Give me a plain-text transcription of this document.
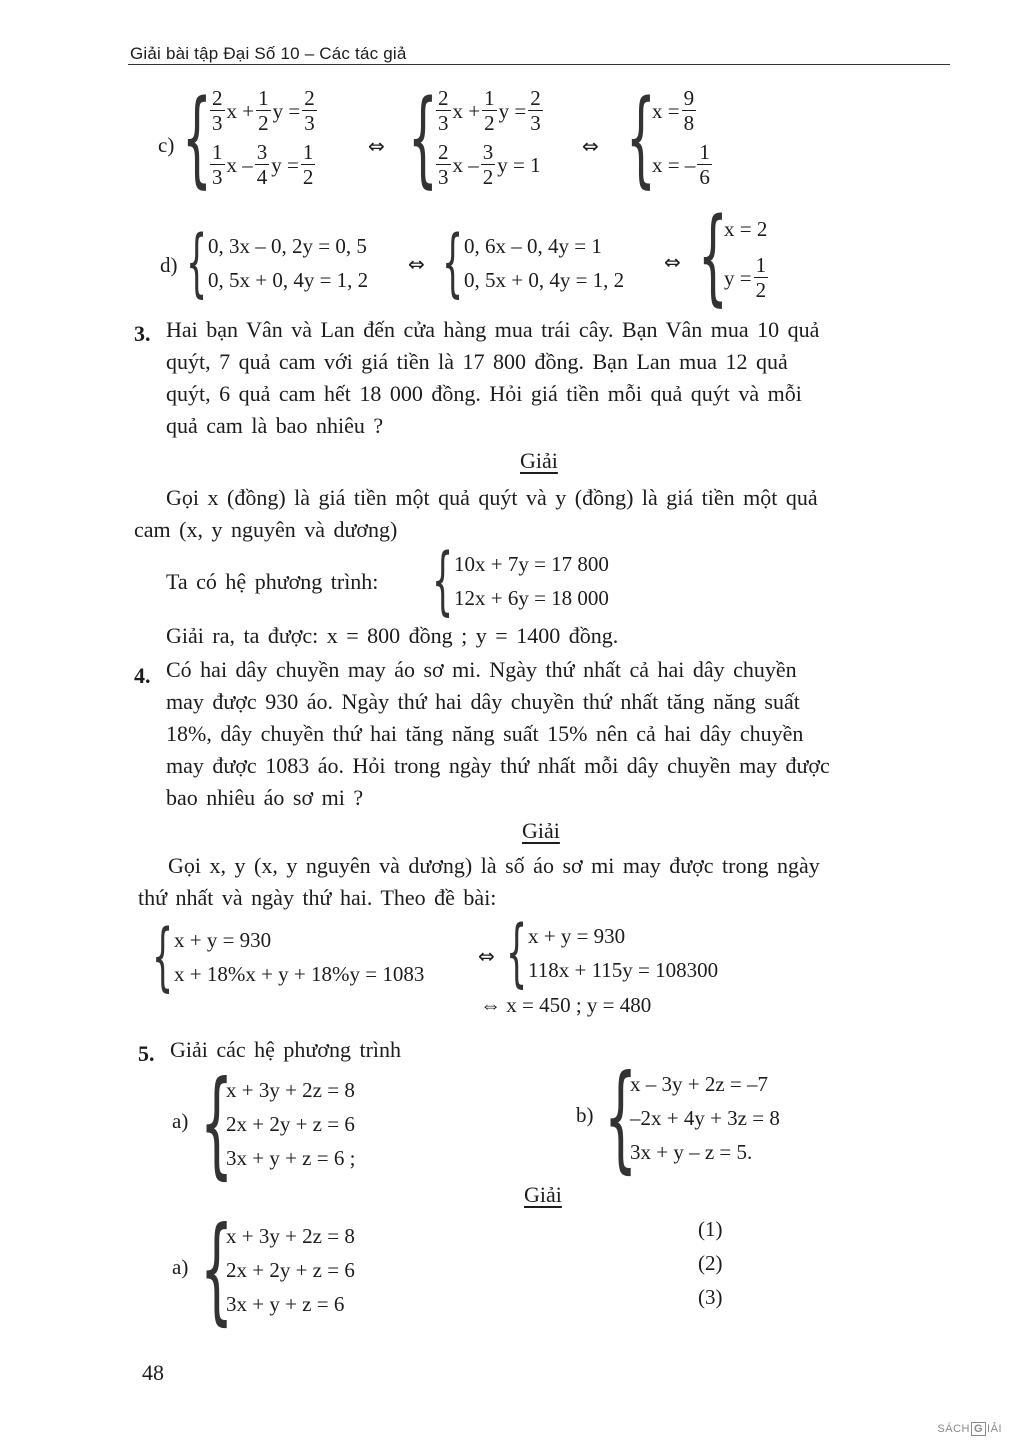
Giải bài tập Đại Số 10 – Các tác giả
c) {
$\frac{2}{3}$ $x + \frac{1}{2}$ $y = \frac{2}{3}$
$\frac{1}{3}$ x – $\frac{3}{4}$ $y = \frac{1}{2}$	⇔ {
$\frac{2}{3}$ $x + \frac{1}{2}$ $y = \frac{2}{3}$
$\frac{2}{3}$ x – $\frac{3}{2}$ y = 1
⇔ {
$x = \frac{9}{8}$
x = – $\frac{1}{6}$
d) { 0, 3x – 0, 2y = 0, 5
0, 5x + 0, 4y = 1, 2
⇔ { 0, 6x – 0, 4y = 1
0, 5x + 0, 4y = 1, 2
⇔ {
x = 2
$y = \frac{1}{2}$
3. Hai bạn Vân và Lan đến cửa hàng mua trái cây. Bạn Vân mua 10 quả
quýt, 7 quả cam với giá tiền là 17 800 đồng. Bạn Lan mua 12 quả
quýt, 6 quả cam hết 18 000 đồng. Hỏi giá tiền mỗi quả quýt và mỗi
quả cam là bao nhiêu ?
Giải
Gọi x (đồng) là giá tiền một quả quýt và y (đồng) là giá tiền một quả
cam (x, y nguyên và dương)
Ta có hệ phương trình: { 10x + 7y = 17 800
12x + 6y = 18 000
Giải ra, ta được: x = 800 đồng ; y = 1400 đồng.
4. Có hai dây chuyền may áo sơ mi. Ngày thứ nhất cả hai dây chuyền
may được 930 áo. Ngày thứ hai dây chuyền thứ nhất tăng năng suất
18%, dây chuyền thứ hai tăng năng suất 15% nên cả hai dây chuyền
may được 1083 áo. Hỏi trong ngày thứ nhất mỗi dây chuyền may được
bao nhiêu áo sơ mi ?
Giải
Gọi x, y (x, y nguyên và dương) là số áo sơ mi may được trong ngày
thứ nhất và ngày thứ hai. Theo đề bài:
{ x + y = 930
x + 18%x + y + 18%y = 1083
⇔ { x + y = 930
118x + 115y = 108300
⇔ x = 450 ; y = 480
5. Giải các hệ phương trình
a) {
x + 3y + 2z = 8
2x + 2y + z = 6
3x + y + z = 6 ;
b) {
x – 3y + 2z = –7
–2x + 4y + 3z = 8
3x + y – z = 5.
Giải
a) {
x + 3y + 2z = 8
2x + 2y + z = 6
3x + y + z = 6
(1)
(2)
(3)
48
SÁCH G IẢI
